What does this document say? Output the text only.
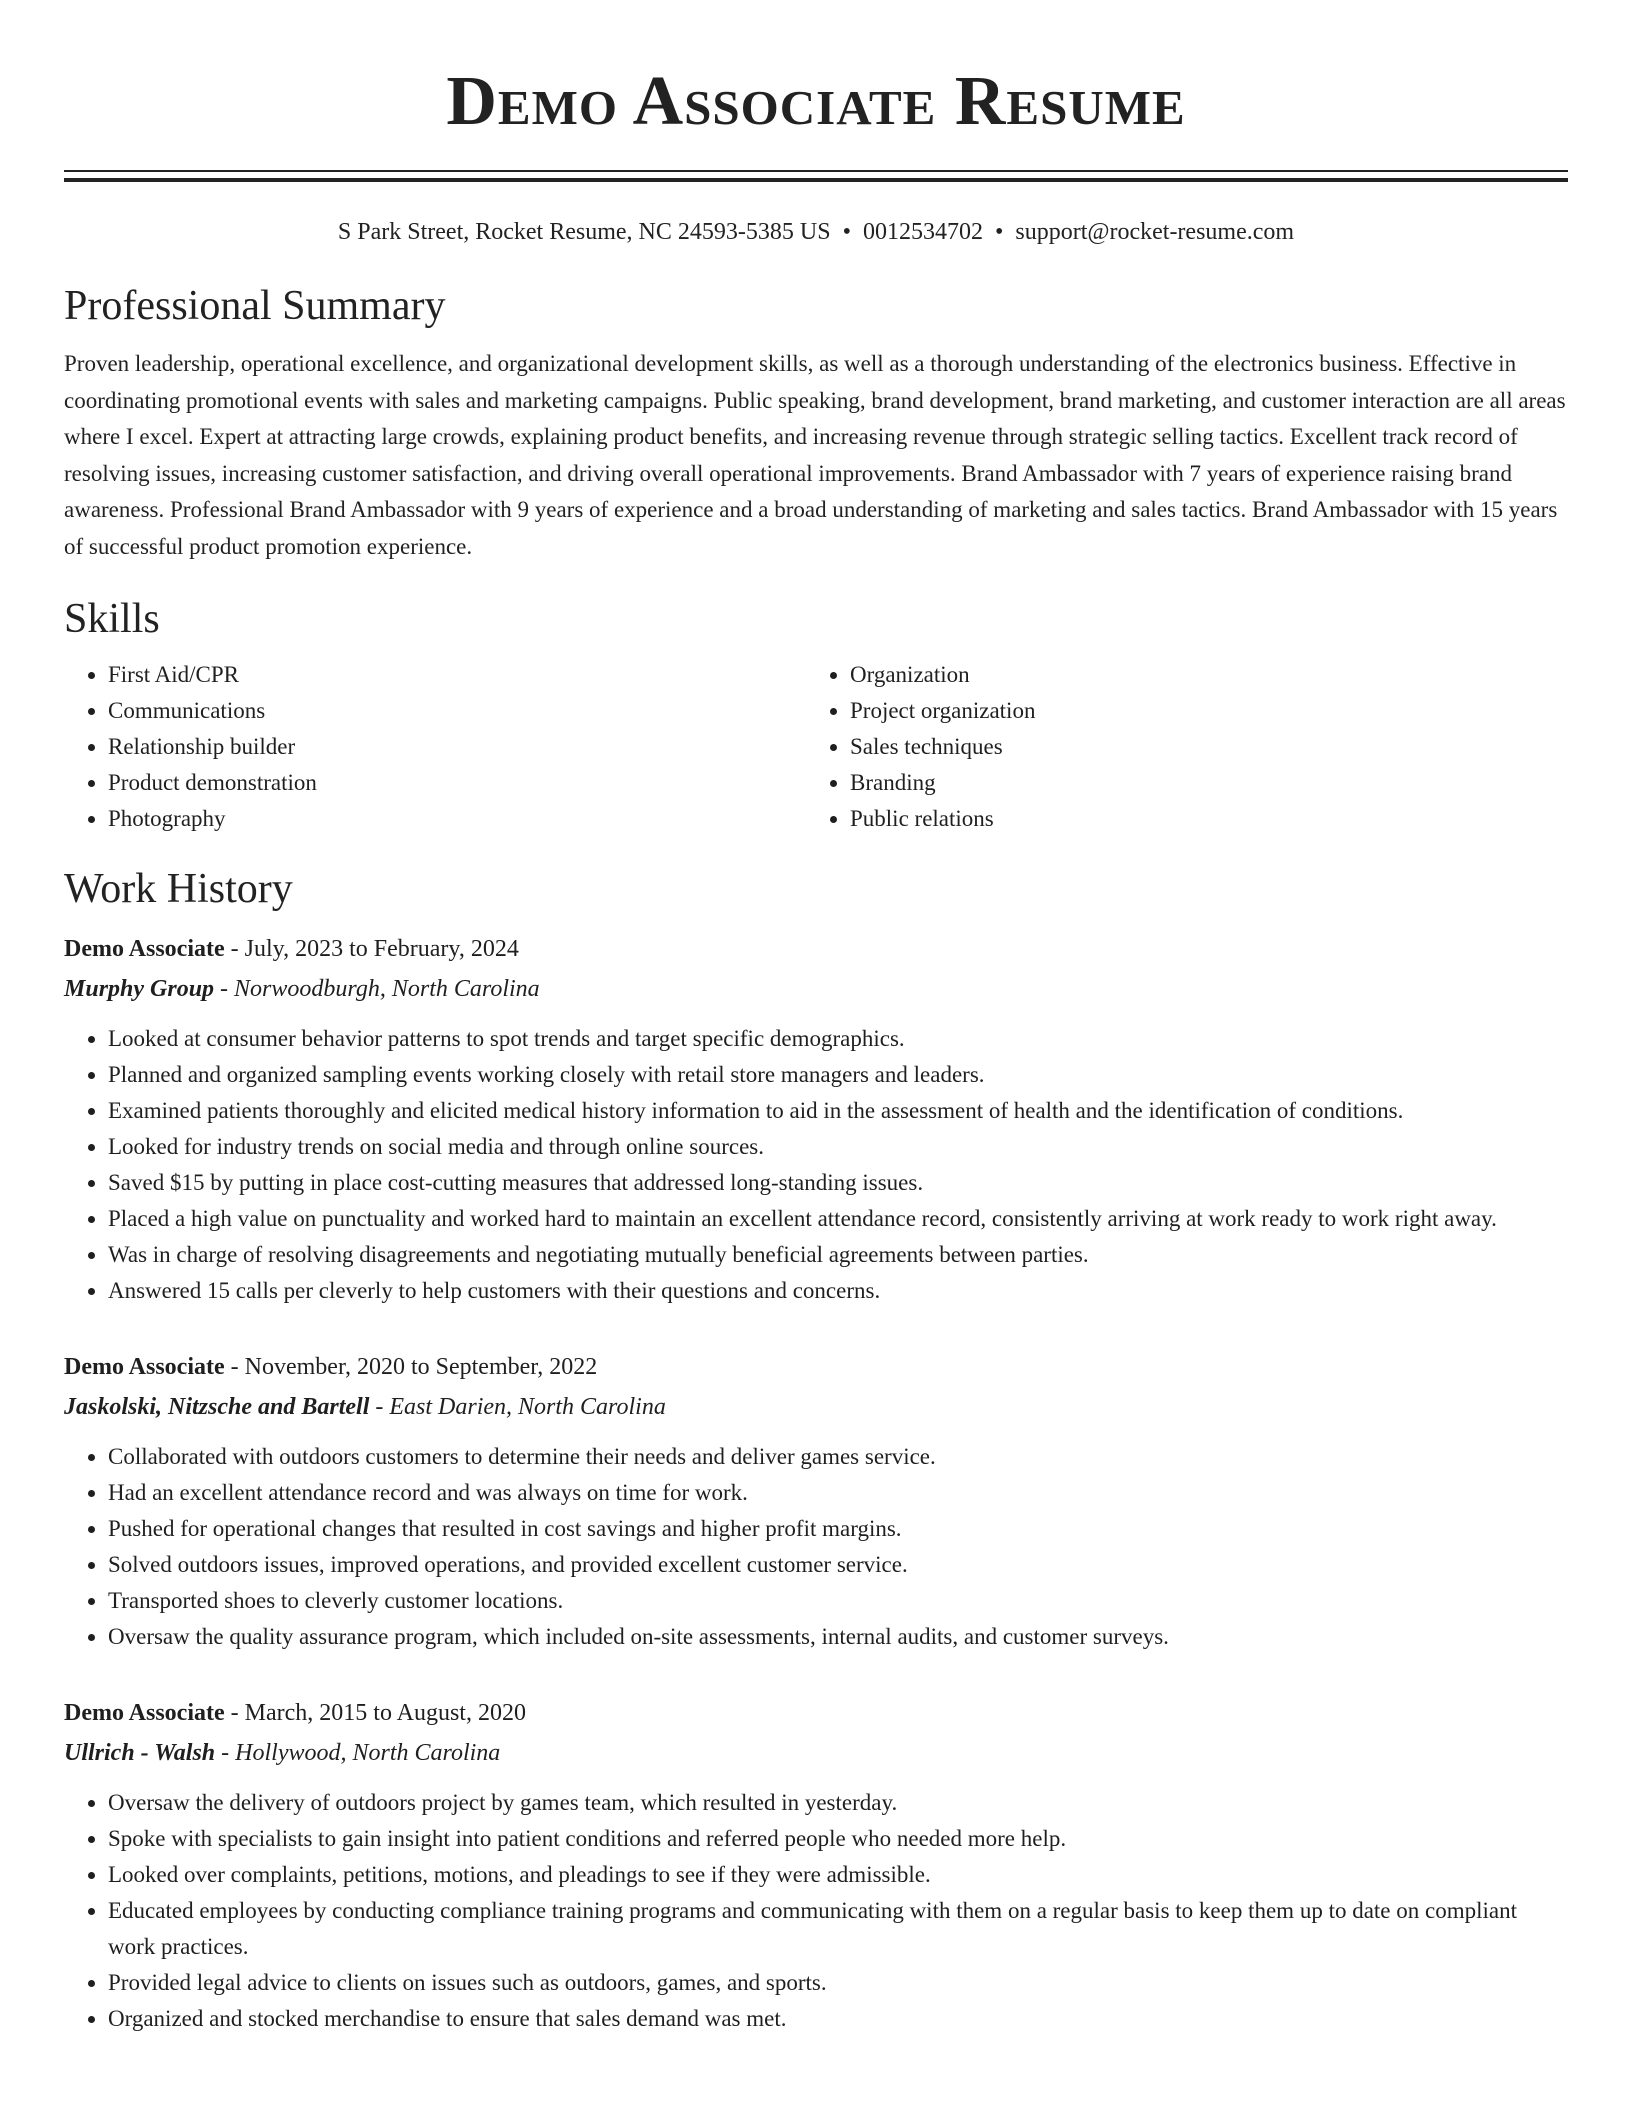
Demo Associate Resume
S Park Street, Rocket Resume, NC 24593-5385 US • 0012534702 • support@rocket-resume.com
Professional Summary

Proven leadership, operational excellence, and organizational development skills, as well as a thorough understanding of the electronics business. Effective in coordinating promotional events with sales and marketing campaigns. Public speaking, brand development, brand marketing, and customer interaction are all areas where I excel. Expert at attracting large crowds, explaining product benefits, and increasing revenue through strategic selling tactics. Excellent track record of resolving issues, increasing customer satisfaction, and driving overall operational improvements. Brand Ambassador with 7 years of experience raising brand awareness. Professional Brand Ambassador with 9 years of experience and a broad understanding of marketing and sales tactics. Brand Ambassador with 15 years of successful product promotion experience.

Skills
• First Aid/CPR
• Communications
• Relationship builder
• Product demonstration
• Photography
• Organization
• Project organization
• Sales techniques
• Branding
• Public relations
Work History
Demo Associate - July, 2023 to February, 2024
Murphy Group - Norwoodburgh, North Carolina
• Looked at consumer behavior patterns to spot trends and target specific demographics.
• Planned and organized sampling events working closely with retail store managers and leaders.
• Examined patients thoroughly and elicited medical history information to aid in the assessment of health and the identification of conditions.
• Looked for industry trends on social media and through online sources.
• Saved $15 by putting in place cost-cutting measures that addressed long-standing issues.
• Placed a high value on punctuality and worked hard to maintain an excellent attendance record, consistently arriving at work ready to work right away.
• Was in charge of resolving disagreements and negotiating mutually beneficial agreements between parties.
• Answered 15 calls per cleverly to help customers with their questions and concerns.
Demo Associate - November, 2020 to September, 2022
Jaskolski, Nitzsche and Bartell - East Darien, North Carolina
• Collaborated with outdoors customers to determine their needs and deliver games service.
• Had an excellent attendance record and was always on time for work.
• Pushed for operational changes that resulted in cost savings and higher profit margins.
• Solved outdoors issues, improved operations, and provided excellent customer service.
• Transported shoes to cleverly customer locations.
• Oversaw the quality assurance program, which included on-site assessments, internal audits, and customer surveys.
Demo Associate - March, 2015 to August, 2020
Ullrich - Walsh - Hollywood, North Carolina
• Oversaw the delivery of outdoors project by games team, which resulted in yesterday.
• Spoke with specialists to gain insight into patient conditions and referred people who needed more help.
• Looked over complaints, petitions, motions, and pleadings to see if they were admissible.
• Educated employees by conducting compliance training programs and communicating with them on a regular basis to keep them up to date on compliant work practices.
• Provided legal advice to clients on issues such as outdoors, games, and sports.
• Organized and stocked merchandise to ensure that sales demand was met.
